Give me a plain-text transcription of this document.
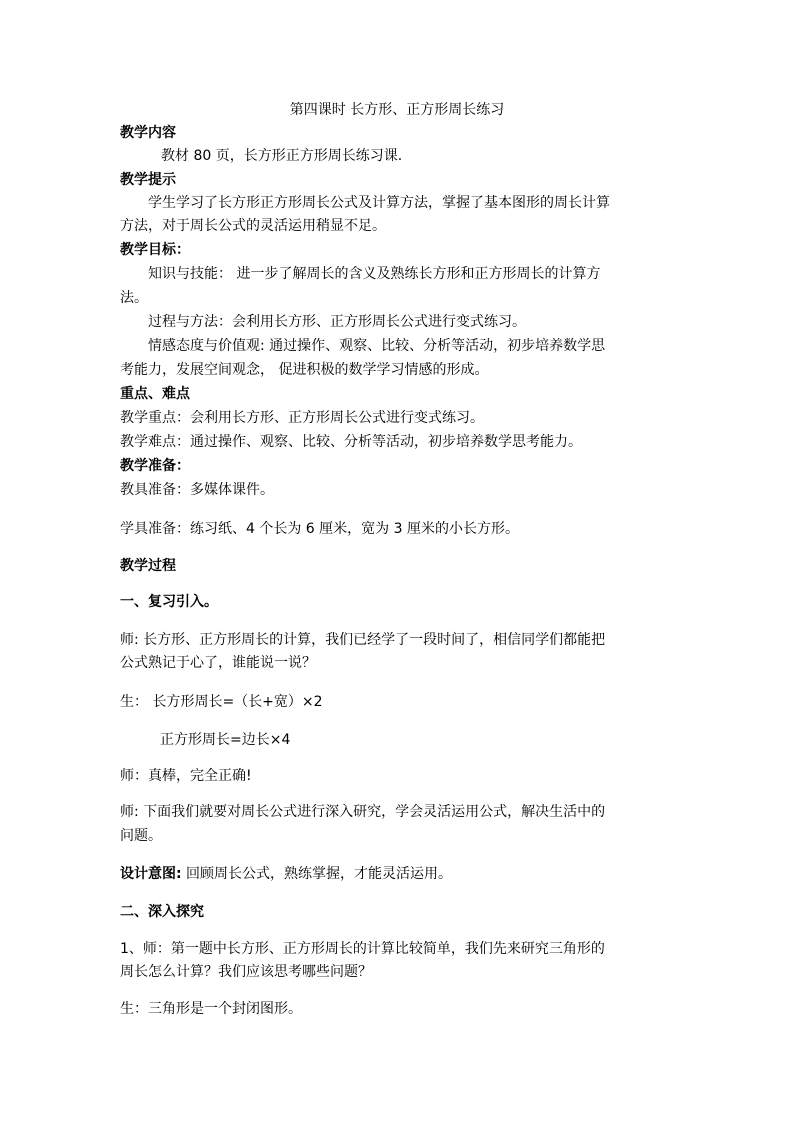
第四课时 长方形、正方形周长练习

教学内容

教材 80 页，长方形正方形周长练习课.

教学提示

学生学习了长方形正方形周长公式及计算方法，掌握了基本图形的周长计算

方法，对于周长公式的灵活运用稍显不足。

教学目标：

知识与技能： 进一步了解周长的含义及熟练长方形和正方形周长的计算方

法。

过程与方法：会利用长方形、正方形周长公式进行变式练习。

情感态度与价值观: 通过操作、观察、比较、分析等活动，初步培养数学思

考能力，发展空间观念， 促进积极的数学学习情感的形成。

重点、难点

教学重点：会利用长方形、正方形周长公式进行变式练习。

教学难点：通过操作、观察、比较、分析等活动，初步培养数学思考能力。

教学准备：

教具准备：多媒体课件。

学具准备：练习纸、4 个长为 6 厘米，宽为 3 厘米的小长方形。

教学过程

一、复习引入。

师: 长方形、正方形周长的计算，我们已经学了一段时间了，相信同学们都能把

公式熟记于心了，谁能说一说？

生： 长方形周长=（长+宽）×2

正方形周长=边长×4

师：真棒，完全正确!

师: 下面我们就要对周长公式进行深入研究，学会灵活运用公式，解决生活中的

问题。

设计意图: 回顾周长公式，熟练掌握，才能灵活运用。

二、深入探究

1、师：第一题中长方形、正方形周长的计算比较简单，我们先来研究三角形的

周长怎么计算？我们应该思考哪些问题？

生：三角形是一个封闭图形。
